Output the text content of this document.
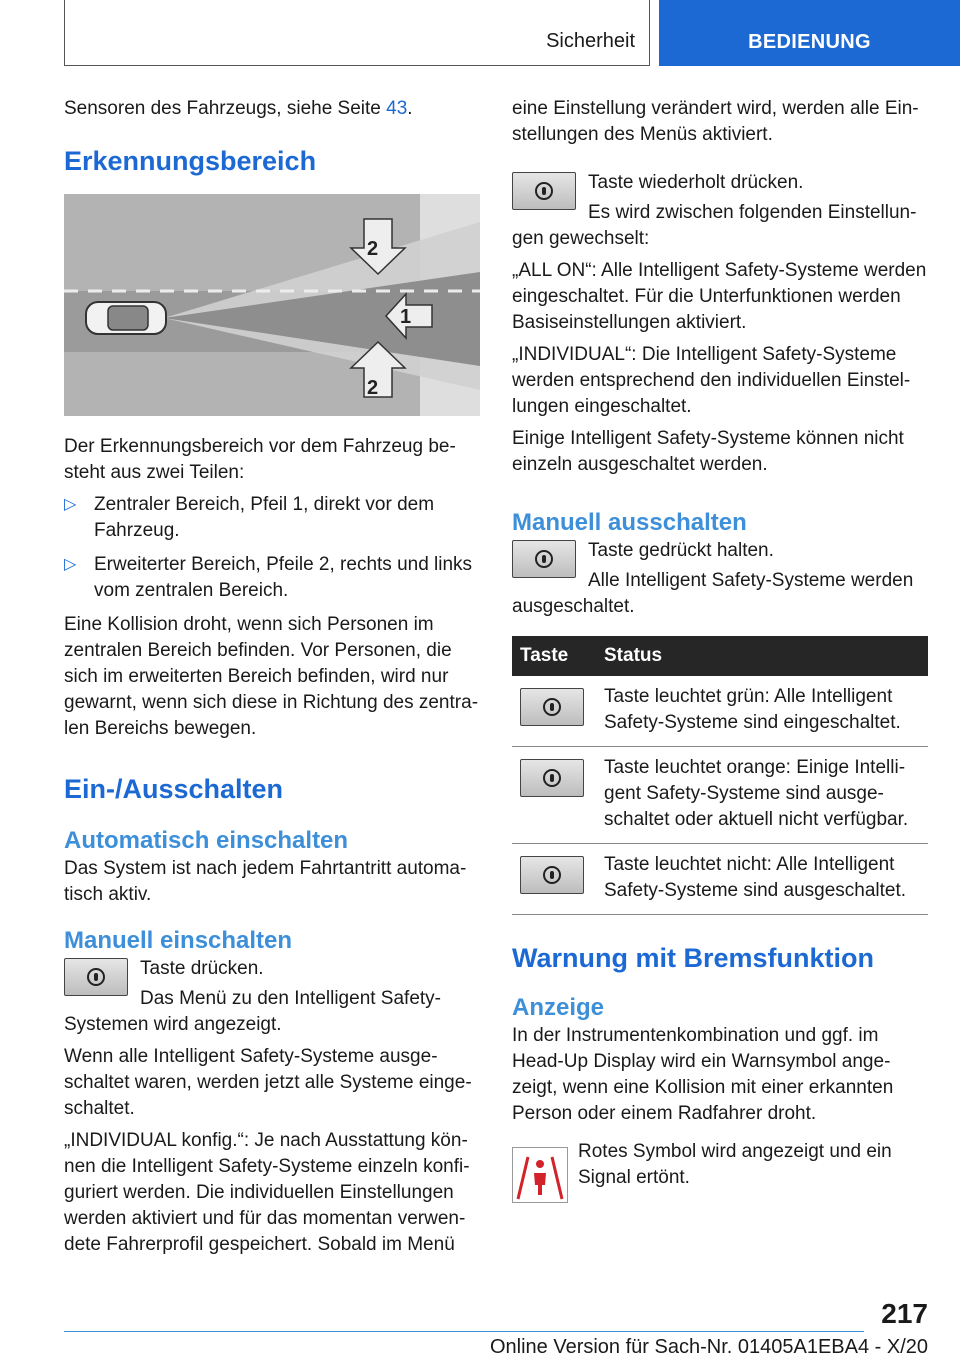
Sicherheit	BEDIENUNG

Sensoren des Fahrzeugs, siehe Seite 43.

Erkennungsbereich
2
1
2

Der Erkennungsbereich vor dem Fahrzeug besteht aus zwei Teilen:

▷ Zentraler Bereich, Pfeil 1, direkt vor dem Fahrzeug.
▷ Erweiterter Bereich, Pfeile 2, rechts und links vom zentralen Bereich.

Eine Kollision droht, wenn sich Personen im zentralen Bereich befinden. Vor Personen, die sich im erweiterten Bereich befinden, wird nur gewarnt, wenn sich diese in Richtung des zentralen Bereichs bewegen.

Ein-/Ausschalten
Automatisch einschalten

Das System ist nach jedem Fahrtantritt automatisch aktiv.

Manuell einschalten

Taste drücken.

Das Menü zu den Intelligent Safety-Systemen wird angezeigt.

Wenn alle Intelligent Safety-Systeme ausgeschaltet waren, werden jetzt alle Systeme eingeschaltet.

„INDIVIDUAL konfig.“: Je nach Ausstattung können die Intelligent Safety-Systeme einzeln konfiguriert werden. Die individuellen Einstellungen werden aktiviert und für das momentan verwendete Fahrerprofil gespeichert. Sobald im Menü

eine Einstellung verändert wird, werden alle Einstellungen des Menüs aktiviert.

Taste wiederholt drücken.

Es wird zwischen folgenden Einstellungen gewechselt:

„ALL ON“: Alle Intelligent Safety-Systeme werden eingeschaltet. Für die Unterfunktionen werden Basiseinstellungen aktiviert.

„INDIVIDUAL“: Die Intelligent Safety-Systeme werden entsprechend den individuellen Einstellungen eingeschaltet.

Einige Intelligent Safety-Systeme können nicht einzeln ausgeschaltet werden.

Manuell ausschalten

Taste gedrückt halten.

Alle Intelligent Safety-Systeme werden ausgeschaltet.

Taste	Status

	Taste leuchtet grün: Alle Intelligent Safety-Systeme sind eingeschaltet.

	Taste leuchtet orange: Einige Intelligent Safety-Systeme sind ausgeschaltet oder aktuell nicht verfügbar.

	Taste leuchtet nicht: Alle Intelligent Safety-Systeme sind ausgeschaltet.
Warnung mit Bremsfunktion
Anzeige

In der Instrumentenkombination und ggf. im Head-Up Display wird ein Warnsymbol angezeigt, wenn eine Kollision mit einer erkannten Person oder einem Radfahrer droht.

Rotes Symbol wird angezeigt und ein Signal ertönt.

217
Online Version für Sach-Nr. 01405A1EBA4 - X/20
